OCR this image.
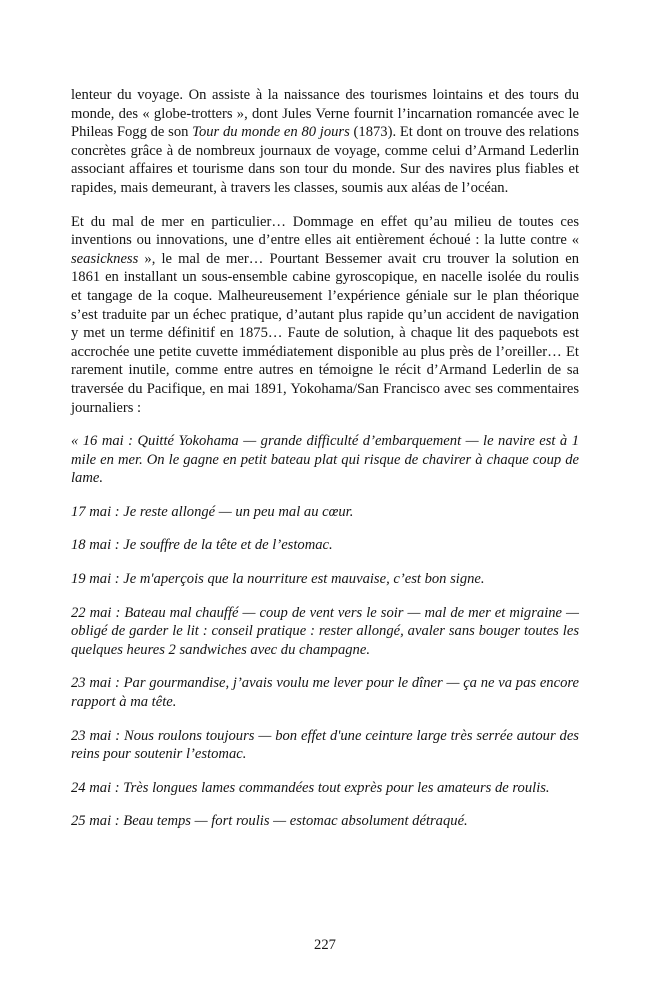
lenteur du voyage. On assiste à la naissance des tourismes lointains et des tours du monde, des « globe-trotters », dont Jules Verne fournit l’incarnation romancée avec le Phileas Fogg de son Tour du monde en 80 jours (1873). Et dont on trouve des relations concrètes grâce à de nombreux journaux de voyage, comme celui d’Armand Lederlin associant affaires et tourisme dans son tour du monde. Sur des navires plus fiables et rapides, mais demeurant, à travers les classes, soumis aux aléas de l’océan.

Et du mal de mer en particulier… Dommage en effet qu’au milieu de toutes ces inventions ou innovations, une d’entre elles ait entièrement échoué : la lutte contre « seasickness », le mal de mer… Pourtant Bessemer avait cru trouver la solution en 1861 en installant un sous-ensemble cabine gyroscopique, en nacelle isolée du roulis et tangage de la coque. Malheureusement l’expérience géniale sur le plan théorique s’est traduite par un échec pratique, d’autant plus rapide qu’un accident de navigation y met un terme définitif en 1875… Faute de solution, à chaque lit des paquebots est accrochée une petite cuvette immédiatement disponible au plus près de l’oreiller… Et rarement inutile, comme entre autres en témoigne le récit d’Armand Lederlin de sa traversée du Pacifique, en mai 1891, Yokohama/San Francisco avec ses commentaires journaliers :

« 16 mai : Quitté Yokohama — grande difficulté d’embarquement — le navire est à 1 mile en mer. On le gagne en petit bateau plat qui risque de chavirer à chaque coup de lame.

17 mai : Je reste allongé — un peu mal au cœur.

18 mai : Je souffre de la tête et de l’estomac.

19 mai : Je m'aperçois que la nourriture est mauvaise, c’est bon signe.

22 mai : Bateau mal chauffé — coup de vent vers le soir — mal de mer et migraine — obligé de garder le lit : conseil pratique : rester allongé, avaler sans bouger toutes les quelques heures 2 sandwiches avec du champagne.

23 mai : Par gourmandise, j’avais voulu me lever pour le dîner — ça ne va pas encore rapport à ma tête.

23 mai : Nous roulons toujours — bon effet d'une ceinture large très serrée autour des reins pour soutenir l’estomac.

24 mai : Très longues lames commandées tout exprès pour les amateurs de roulis.

25 mai : Beau temps — fort roulis — estomac absolument détraqué.

227
